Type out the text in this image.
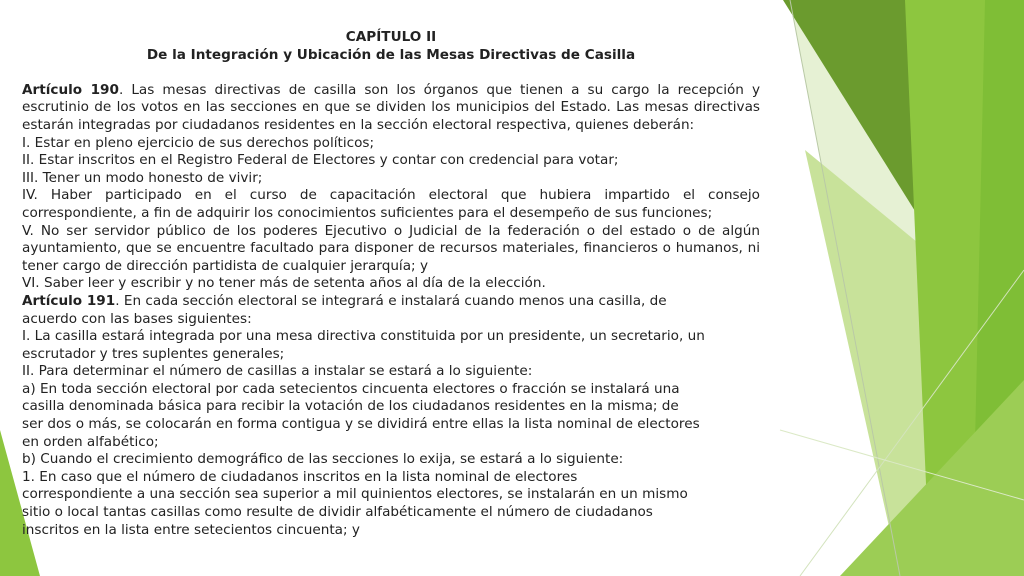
CAPÍTULO II
De la Integración y Ubicación de las Mesas Directivas de Casilla
Artículo 190. Las mesas directivas de casilla son los órganos que tienen a su cargo la recepción y escrutinio de los votos en las secciones en que se dividen los municipios del Estado. Las mesas directivas estarán integradas por ciudadanos residentes en la sección electoral respectiva, quienes deberán:
I. Estar en pleno ejercicio de sus derechos políticos;
II. Estar inscritos en el Registro Federal de Electores y contar con credencial para votar;
III. Tener un modo honesto de vivir;
IV. Haber participado en el curso de capacitación electoral que hubiera impartido el consejo correspondiente, a fin de adquirir los conocimientos suficientes para el desempeño de sus funciones;
V. No ser servidor público de los poderes Ejecutivo o Judicial de la federación o del estado o de algún ayuntamiento, que se encuentre facultado para disponer de recursos materiales, financieros o humanos, ni tener cargo de dirección partidista de cualquier jerarquía; y
VI. Saber leer y escribir y no tener más de setenta años al día de la elección.
Artículo 191. En cada sección electoral se integrará e instalará cuando menos una casilla, de
acuerdo con las bases siguientes:
I. La casilla estará integrada por una mesa directiva constituida por un presidente, un secretario, un
escrutador y tres suplentes generales;
II. Para determinar el número de casillas a instalar se estará a lo siguiente:
a) En toda sección electoral por cada setecientos cincuenta electores o fracción se instalará una
casilla denominada básica para recibir la votación de los ciudadanos residentes en la misma; de
ser dos o más, se colocarán en forma contigua y se dividirá entre ellas la lista nominal de electores
en orden alfabético;
b) Cuando el crecimiento demográfico de las secciones lo exija, se estará a lo siguiente:
1. En caso que el número de ciudadanos inscritos en la lista nominal de electores
correspondiente a una sección sea superior a mil quinientos electores, se instalarán en un mismo
sitio o local tantas casillas como resulte de dividir alfabéticamente el número de ciudadanos
inscritos en la lista entre setecientos cincuenta; y
